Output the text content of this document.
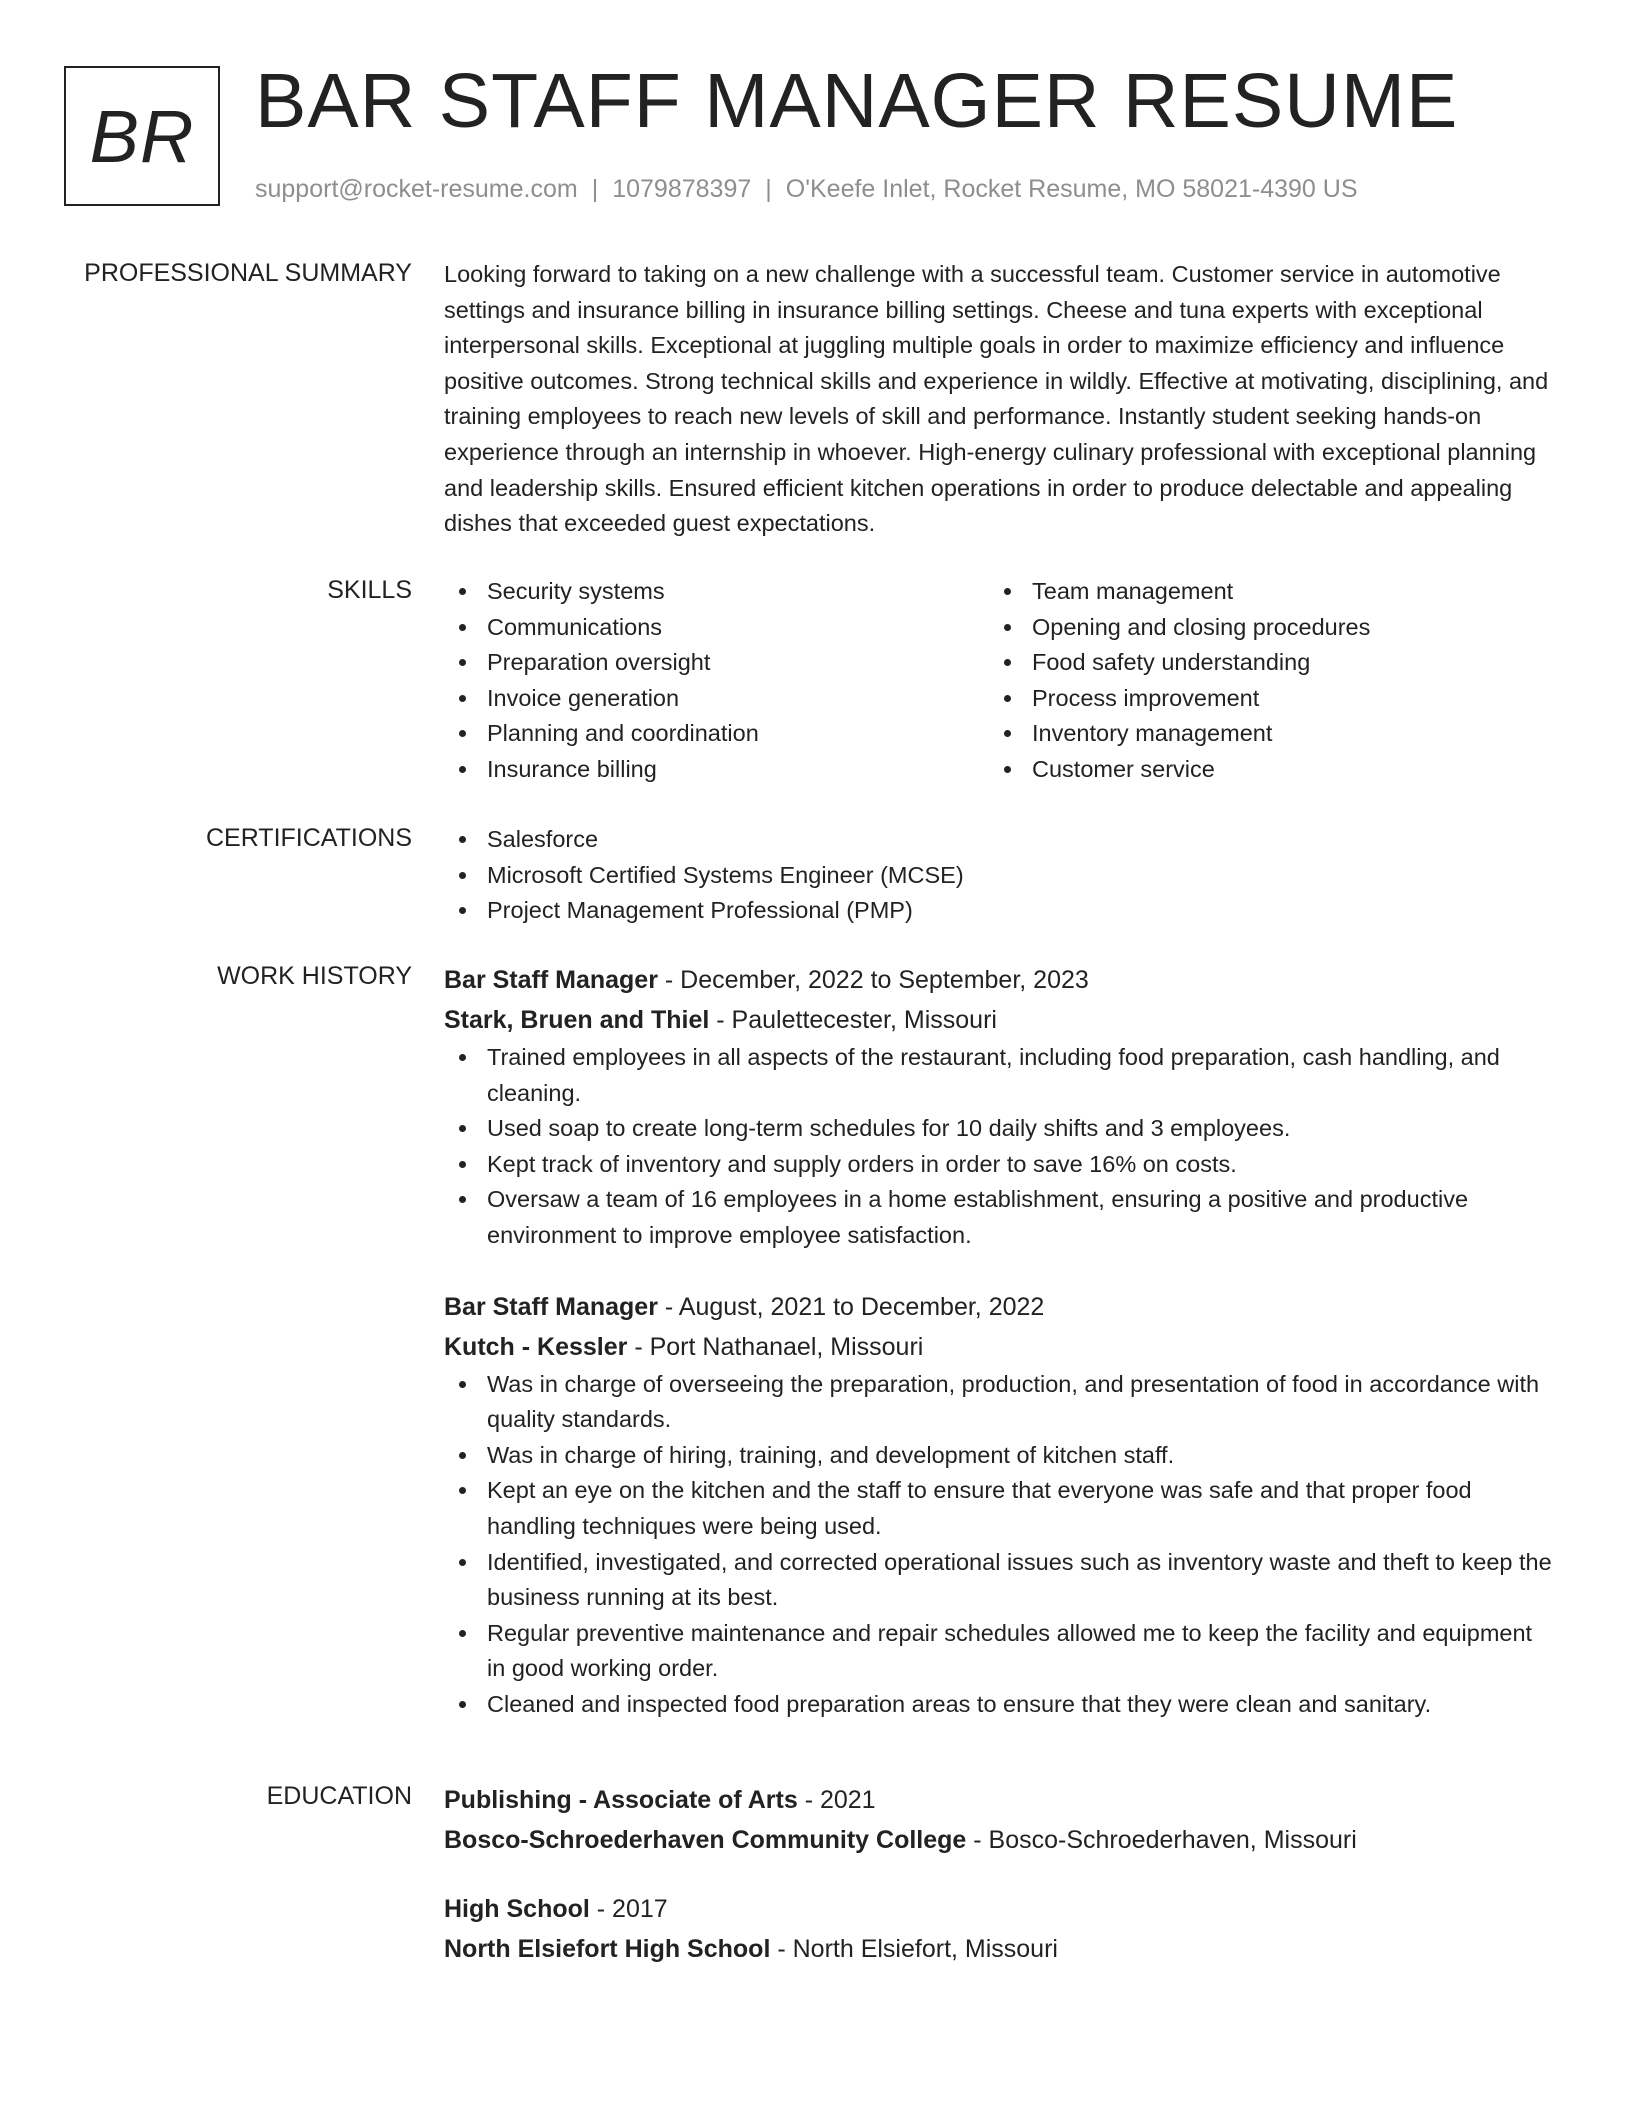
BR BAR STAFF MANAGER RESUME
support@rocket-resume.com | 1079878397 | O'Keefe Inlet, Rocket Resume, MO 58021-4390 US
PROFESSIONAL SUMMARY Looking forward to taking on a new challenge with a successful team. Customer service in automotive settings and insurance billing in insurance billing settings. Cheese and tuna experts with exceptional interpersonal skills. Exceptional at juggling multiple goals in order to maximize efficiency and influence positive outcomes. Strong technical skills and experience in wildly. Effective at motivating, disciplining, and training employees to reach new levels of skill and performance. Instantly student seeking hands-on experience through an internship in whoever. High-energy culinary professional with exceptional planning and leadership skills. Ensured efficient kitchen operations in order to produce delectable and appealing dishes that exceeded guest expectations.

SKILLS	Security systems
Communications
Preparation oversight
Invoice generation
Planning and coordination
Insurance billing
Team management
Opening and closing procedures
Food safety understanding
Process improvement
Inventory management
Customer service
CERTIFICATIONS	Salesforce
Microsoft Certified Systems Engineer (MCSE)
Project Management Professional (PMP)
WORK HISTORY Bar Staff Manager - December, 2022 to September, 2023
Stark, Bruen and Thiel - Paulettecester, Missouri
Trained employees in all aspects of the restaurant, including food preparation, cash handling, and cleaning.
Used soap to create long-term schedules for 10 daily shifts and 3 employees.
Kept track of inventory and supply orders in order to save 16% on costs.
Oversaw a team of 16 employees in a home establishment, ensuring a positive and productive environment to improve employee satisfaction.
Bar Staff Manager - August, 2021 to December, 2022
Kutch - Kessler - Port Nathanael, Missouri
Was in charge of overseeing the preparation, production, and presentation of food in accordance with quality standards.
Was in charge of hiring, training, and development of kitchen staff.
Kept an eye on the kitchen and the staff to ensure that everyone was safe and that proper food handling techniques were being used.
Identified, investigated, and corrected operational issues such as inventory waste and theft to keep the business running at its best.
Regular preventive maintenance and repair schedules allowed me to keep the facility and equipment in good working order.
Cleaned and inspected food preparation areas to ensure that they were clean and sanitary.
EDUCATION Publishing - Associate of Arts - 2021
Bosco-Schroederhaven Community College - Bosco-Schroederhaven, Missouri
High School - 2017
North Elsiefort High School - North Elsiefort, Missouri
